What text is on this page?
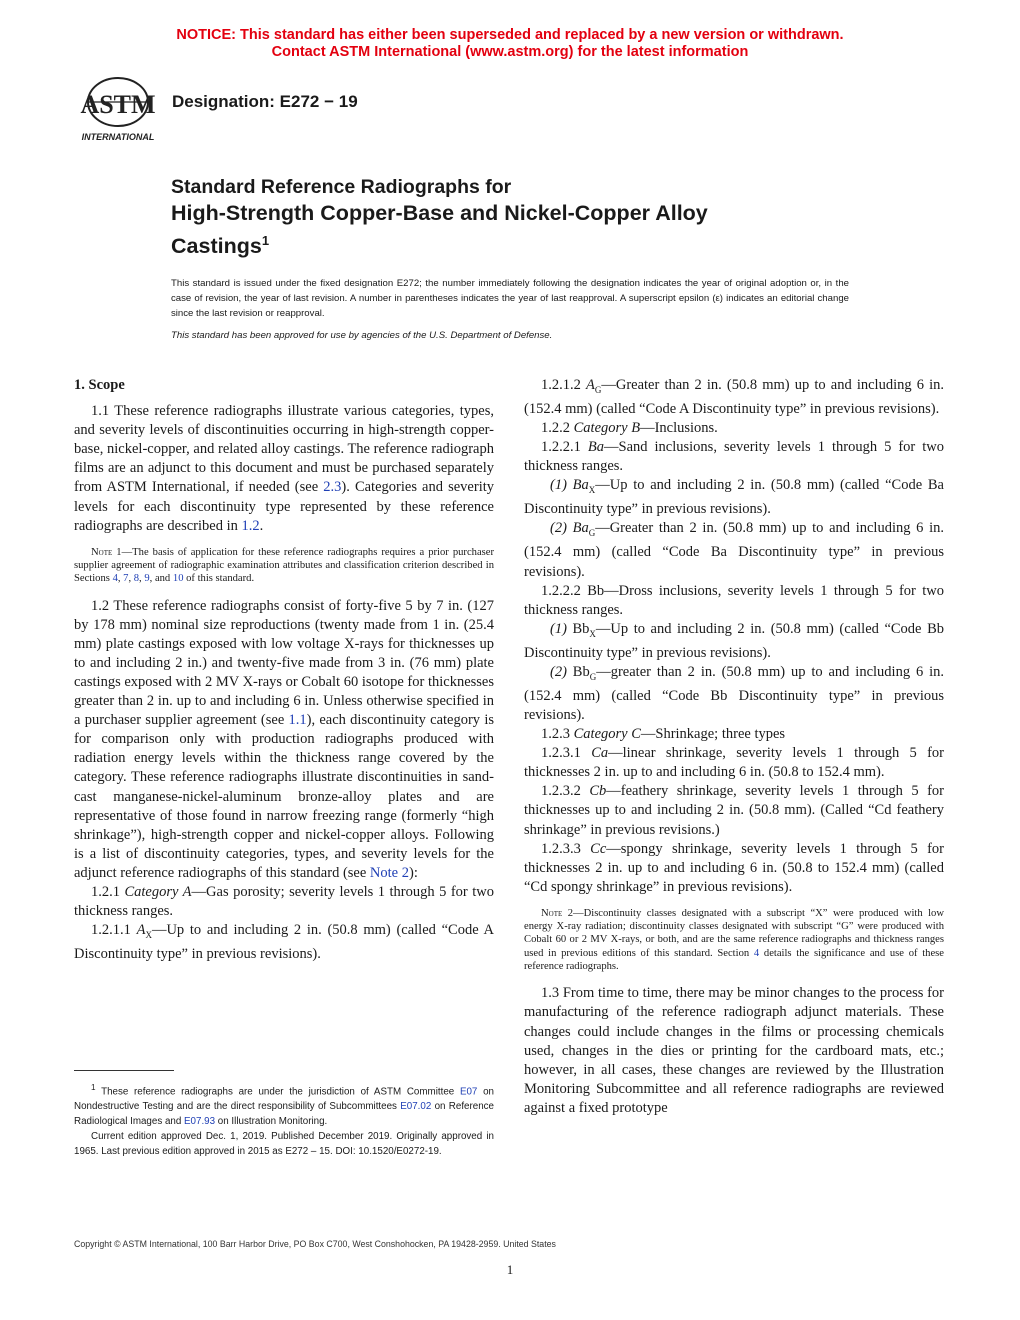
NOTICE: This standard has either been superseded and replaced by a new version or withdrawn.
Contact ASTM International (www.astm.org) for the latest information
ASTM
INTERNATIONAL
Designation: E272 − 19
Standard Reference Radiographs for
High-Strength Copper-Base and Nickel-Copper Alloy
Castings$^1$
This standard is issued under the fixed designation E272; the number immediately following the designation indicates the year of original adoption or, in the case of revision, the year of last revision. A number in parentheses indicates the year of last reapproval. A superscript epsilon (ε) indicates an editorial change since the last revision or reapproval.
This standard has been approved for use by agencies of the U.S. Department of Defense.

1. Scope

1.1 These reference radiographs illustrate various categories, types, and severity levels of discontinuities occurring in high-strength copper-base, nickel-copper, and related alloy castings. The reference radiograph films are an adjunct to this document and must be purchased separately from ASTM International, if needed (see 2.3). Categories and severity levels for each discontinuity type represented by these reference radiographs are described in 1.2.

Note 1—The basis of application for these reference radiographs requires a prior purchaser supplier agreement of radiographic examination attributes and classification criterion described in Sections 4, 7, 8, 9, and 10 of this standard.

1.2 These reference radiographs consist of forty-five 5 by 7 in. (127 by 178 mm) nominal size reproductions (twenty made from 1 in. (25.4 mm) plate castings exposed with low voltage X-rays for thicknesses up to and including 2 in.) and twenty-five made from 3 in. (76 mm) plate castings exposed with 2 MV X-rays or Cobalt 60 isotope for thicknesses greater than 2 in. up to and including 6 in. Unless otherwise specified in a purchaser supplier agreement (see 1.1), each discontinuity category is for comparison only with production radiographs produced with radiation energy levels within the thickness range covered by the category. These reference radiographs illustrate discontinuities in sand-cast manganese-nickel-aluminum bronze-alloy plates and are representative of those found in narrow freezing range (formerly “high shrinkage”), high-strength copper and nickel-copper alloys. Following is a list of discontinuity categories, types, and severity levels for the adjunct reference radiographs of this standard (see Note 2):

1.2.1 Category A—Gas porosity; severity levels 1 through 5 for two thickness ranges.

1.2.1.1 $A_X—Up$ to and including 2 in. (50.8 mm) (called “Code A Discontinuity type” in previous revisions).

$^1$ These reference radiographs are under the jurisdiction of ASTM Committee E07 on Nondestructive Testing and are the direct responsibility of Subcommittees E07.02 on Reference Radiological Images and E07.93 on Illustration Monitoring.

Current edition approved Dec. 1, 2019. Published December 2019. Originally approved in 1965. Last previous edition approved in 2015 as E272 – 15. DOI: 10.1520/E0272-19.

1.2.1.2 $A_G—Greater$ than 2 in. (50.8 mm) up to and including 6 in. (152.4 mm) (called “Code A Discontinuity type” in previous revisions).

1.2.2 Category B—Inclusions.

1.2.2.1 Ba—Sand inclusions, severity levels 1 through 5 for two thickness ranges.

(1) $Ba_X—Up$ to and including 2 in. (50.8 mm) (called “Code Ba Discontinuity type” in previous revisions).

(2) $Ba_G—Greater$ than 2 in. (50.8 mm) up to and including 6 in. (152.4 mm) (called “Code Ba Discontinuity type” in previous revisions).

1.2.2.2 Bb—Dross inclusions, severity levels 1 through 5 for two thickness ranges.

(1) $Bb_X—Up$ to and including 2 in. (50.8 mm) (called “Code Bb Discontinuity type” in previous revisions).

(2) $Bb_G—greater$ than 2 in. (50.8 mm) up to and including 6 in. (152.4 mm) (called “Code Bb Discontinuity type” in previous revisions).

1.2.3 Category C—Shrinkage; three types

1.2.3.1 Ca—linear shrinkage, severity levels 1 through 5 for thicknesses 2 in. up to and including 6 in. (50.8 to 152.4 mm).

1.2.3.2 Cb—feathery shrinkage, severity levels 1 through 5 for thicknesses up to and including 2 in. (50.8 mm). (Called “Cd feathery shrinkage” in previous revisions.)

1.2.3.3 Cc—spongy shrinkage, severity levels 1 through 5 for thicknesses 2 in. up to and including 6 in. (50.8 to 152.4 mm) (called “Cd spongy shrinkage” in previous revisions).

Note 2—Discontinuity classes designated with a subscript “X” were produced with low energy X-ray radiation; discontinuity classes designated with subscript “G” were produced with Cobalt 60 or 2 MV X-rays, or both, and are the same reference radiographs and thickness ranges used in previous editions of this standard. Section 4 details the significance and use of these reference radiographs.

1.3 From time to time, there may be minor changes to the process for manufacturing of the reference radiograph adjunct materials. These changes could include changes in the films or processing chemicals used, changes in the dies or printing for the cardboard mats, etc.; however, in all cases, these changes are reviewed by the Illustration Monitoring Subcommittee and all reference radiographs are reviewed against a fixed prototype

Copyright © ASTM International, 100 Barr Harbor Drive, PO Box C700, West Conshohocken, PA 19428-2959. United States
1
